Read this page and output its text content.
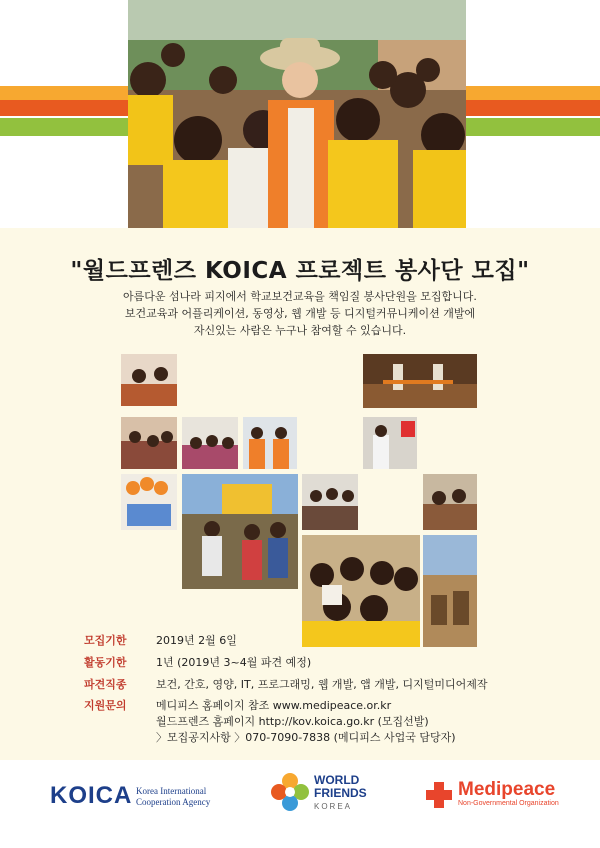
"월드프렌즈 KOICA 프로젝트 봉사단 모집"
아름다운 섬나라 피지에서 학교보건교육을 책임질 봉사단원을 모집합니다.
보건교육과 어플리케이션, 동영상, 웹 개발 등 디지털커뮤니케이션 개발에
자신있는 사람은 누구나 참여할 수 있습니다.
모집기한	2019년 2월 6일
활동기한	1년 (2019년 3~4월 파견 예정)
파견직종	보건, 간호, 영양, IT, 프로그래밍, 웹 개발, 앱 개발, 디지털미디어제작
지원문의	메디피스 홈페이지 참조 www.medipeace.or.kr
월드프렌즈 홈페이지 http://kov.koica.go.kr (모집선발)
〉모집공지사항 〉070-7090-7838 (메디피스 사업국 담당자)
KOICA Korea International
Cooperation Agency
WORLD
FRIENDS
KOREA
Medipeace
Non-Governmental Organization
